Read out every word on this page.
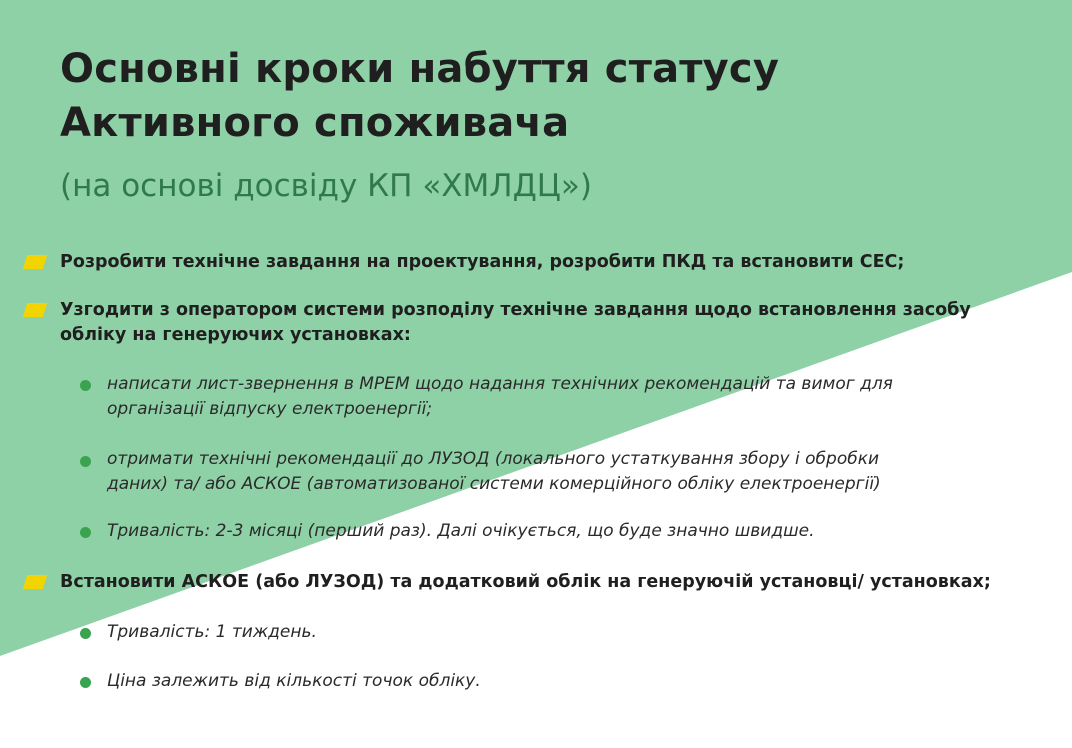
Основні кроки набуття статусу
Активного споживача

(на основі досвіду КП «ХМЛДЦ»)

Розробити технічне завдання на проектування, розробити ПКД та встановити СЕС;
Узгодити з оператором системи розподілу технічне завдання щодо встановлення засобу
обліку на генеруючих установках:
написати лист-звернення в МРЕМ щодо надання технічних рекомендацій та вимог для
організації відпуску електроенергії;
отримати технічні рекомендації до ЛУЗОД (локального устаткування збору і обробки
даних) та/ або АСКОЕ (автоматизованої системи комерційного обліку електроенергії)
Тривалість: 2-3 місяці (перший раз). Далі очікується, що буде значно швидше.
Встановити АСКОЕ (або ЛУЗОД) та додатковий облік на генеруючій установці/ установках;
Тривалість: 1 тиждень.
Ціна залежить від кількості точок обліку.
